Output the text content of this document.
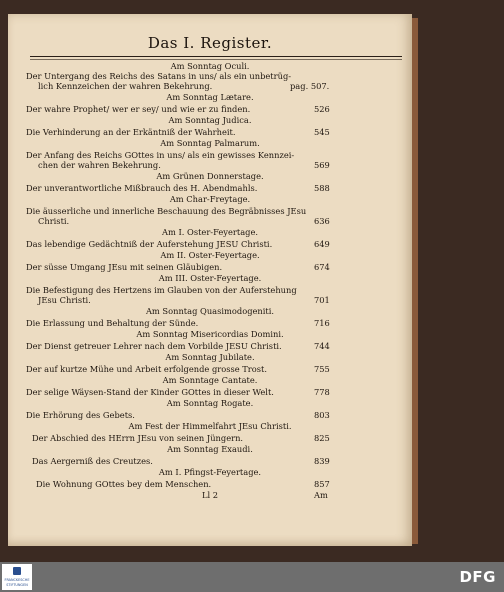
Das I. Register.
Am Sonntag Oculi.
Der Untergang des Reichs des Satans in uns/ als ein unbetrüg-
lich Kennzeichen der wahren Bekehrung.	pag. 507.
Am Sonntag Lætare.
Der wahre Prophet/ wer er sey/ und wie er zu finden.	526
Am Sonntag Judica.
Die Verhinderung an der Erkäntniß der Wahrheit.	545
Am Sonntag Palmarum.
Der Anfang des Reichs GOttes in uns/ als ein gewisses Kennzei-
chen der wahren Bekehrung.	569
Am Grünen Donnerstage.
Der unverantwortliche Mißbrauch des H. Abendmahls.	588
Am Char-Freytage.
Die äusserliche und innerliche Beschauung des Begräbnisses JEsu
Christi.	636
Am I. Oster-Feyertage.
Das lebendige Gedächtniß der Auferstehung JESU Christi.	649
Am II. Oster-Feyertage.
Der süsse Umgang JEsu mit seinen Gläubigen.	674
Am III. Oster-Feyertage.
Die Befestigung des Hertzens im Glauben von der Auferstehung
JEsu Christi.	701
Am Sonntag Quasimodogeniti.
Die Erlassung und Behaltung der Sünde.	716
Am Sonntag Misericordias Domini.
Der Dienst getreuer Lehrer nach dem Vorbilde JESU Christi.	744
Am Sonntag Jubilate.
Der auf kurtze Mühe und Arbeit erfolgende grosse Trost.	755
Am Sonntage Cantate.
Der selige Wäysen-Stand der Kinder GOttes in dieser Welt.	778
Am Sonntag Rogate.
Die Erhörung des Gebets.	803
Am Fest der Himmelfahrt JEsu Christi.
Der Abschied des HErrn JEsu von seinen Jüngern.	825
Am Sonntag Exaudi.
Das Aergerniß des Creutzes.	839
Am I. Pfingst-Feyertage.
Die Wohnung GOttes bey dem Menschen.	857
Ll 2	Am
FRANCKESCHE
STIFTUNGEN	DFG
